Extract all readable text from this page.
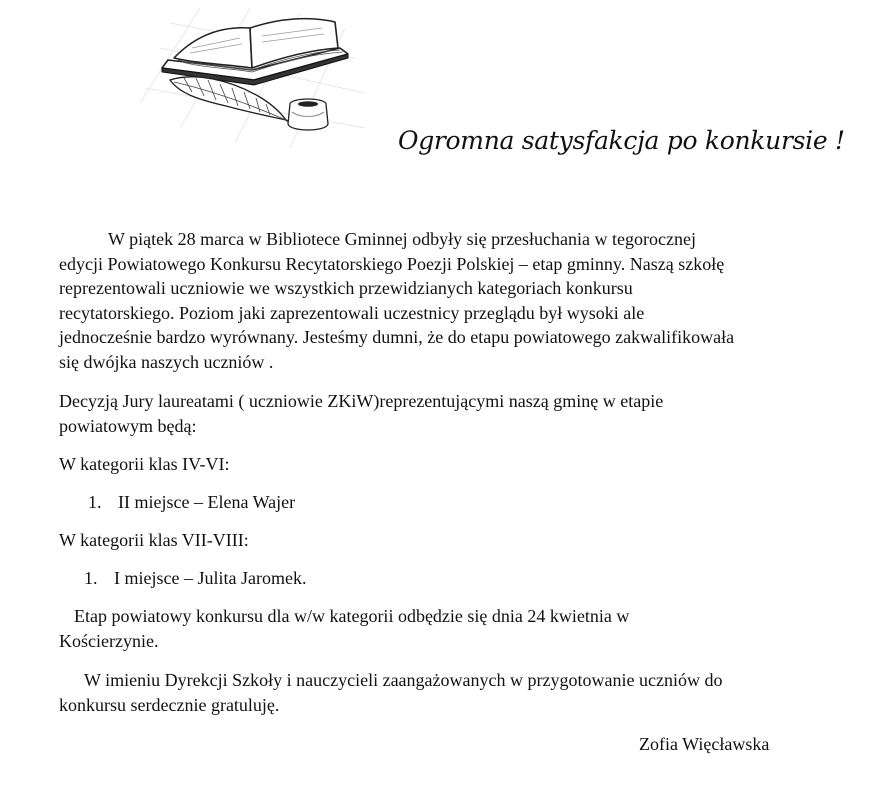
Ogromna satysfakcja po konkursie !

W piątek 28 marca w Bibliotece Gminnej odbyły się przesłuchania w tegorocznej
edycji Powiatowego Konkursu Recytatorskiego Poezji Polskiej – etap gminny. Naszą szkołę
reprezentowali uczniowie we wszystkich przewidzianych kategoriach konkursu
recytatorskiego. Poziom jaki zaprezentowali uczestnicy przeglądu był wysoki ale
jednocześnie bardzo wyrównany. Jesteśmy dumni, że do etapu powiatowego zakwalifikowała
się dwójka naszych uczniów .

Decyzją Jury laureatami ( uczniowie ZKiW)reprezentującymi naszą gminę w etapie
powiatowym będą:

W kategorii klas IV-VI:

1. II miejsce – Elena Wajer

W kategorii klas VII-VIII:

1. I miejsce – Julita Jaromek.

Etap powiatowy konkursu dla w/w kategorii odbędzie się dnia 24 kwietnia w
Kościerzynie.

W imieniu Dyrekcji Szkoły i nauczycieli zaangażowanych w przygotowanie uczniów do
konkursu serdecznie gratuluję.

Zofia Więcławska
